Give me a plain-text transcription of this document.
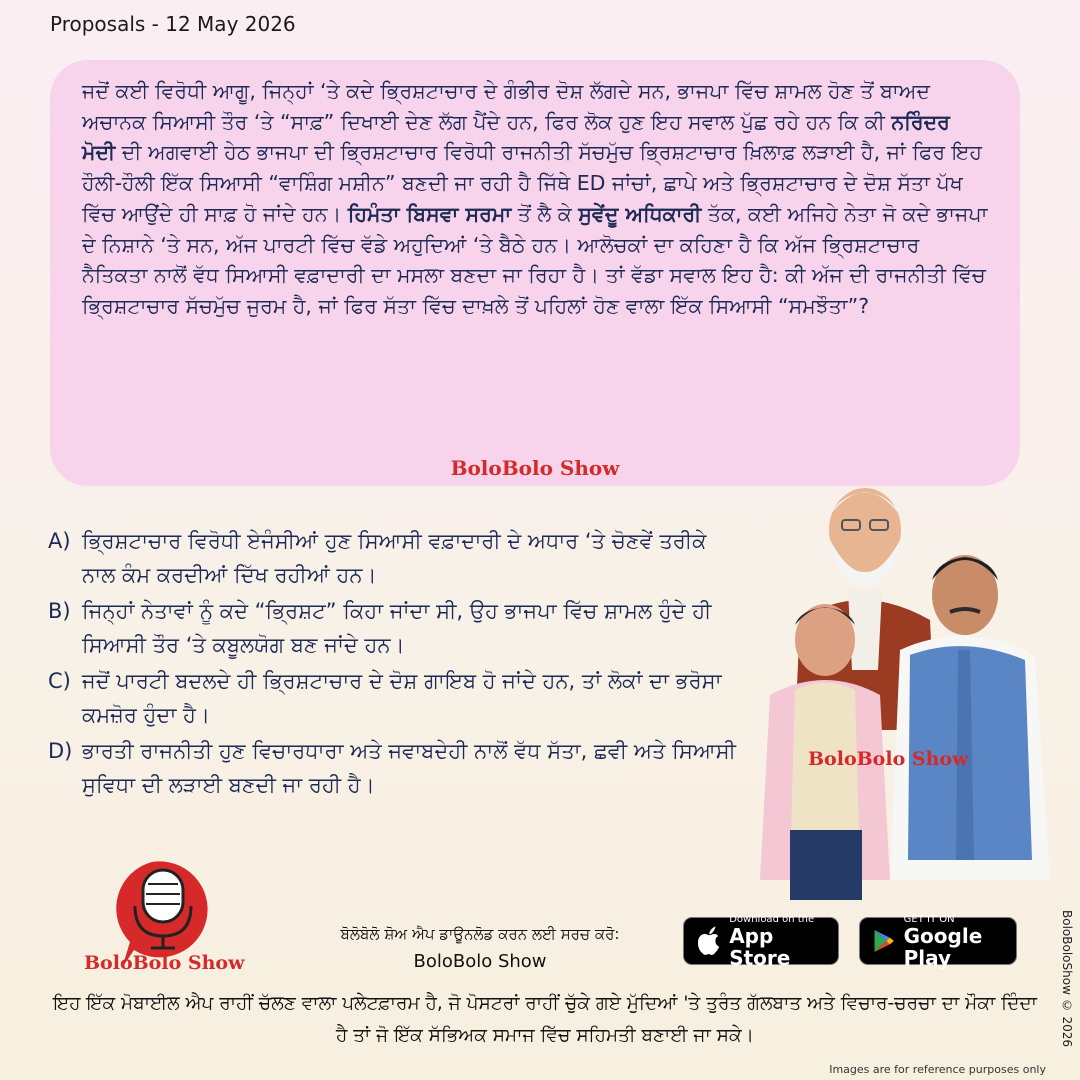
Proposals - 12 May 2026

ਜਦੋਂ ਕਈ ਵਿਰੋਧੀ ਆਗੂ, ਜਿਨ੍ਹਾਂ ‘ਤੇ ਕਦੇ ਭ੍ਰਿਸ਼ਟਾਚਾਰ ਦੇ ਗੰਭੀਰ ਦੋਸ਼ ਲੱਗਦੇ ਸਨ, ਭਾਜਪਾ ਵਿੱਚ ਸ਼ਾਮਲ ਹੋਣ ਤੋਂ ਬਾਅਦ ਅਚਾਨਕ ਸਿਆਸੀ ਤੌਰ ‘ਤੇ “ਸਾਫ਼” ਦਿਖਾਈ ਦੇਣ ਲੱਗ ਪੈਂਦੇ ਹਨ, ਫਿਰ ਲੋਕ ਹੁਣ ਇਹ ਸਵਾਲ ਪੁੱਛ ਰਹੇ ਹਨ ਕਿ ਕੀ ਨਰਿੰਦਰ ਮੋਦੀ ਦੀ ਅਗਵਾਈ ਹੇਠ ਭਾਜਪਾ ਦੀ ਭ੍ਰਿਸ਼ਟਾਚਾਰ ਵਿਰੋਧੀ ਰਾਜਨੀਤੀ ਸੱਚਮੁੱਚ ਭ੍ਰਿਸ਼ਟਾਚਾਰ ਖ਼ਿਲਾਫ਼ ਲੜਾਈ ਹੈ, ਜਾਂ ਫਿਰ ਇਹ ਹੌਲੀ-ਹੌਲੀ ਇੱਕ ਸਿਆਸੀ “ਵਾਸ਼ਿੰਗ ਮਸ਼ੀਨ” ਬਣਦੀ ਜਾ ਰਹੀ ਹੈ ਜਿੱਥੇ ED ਜਾਂਚਾਂ, ਛਾਪੇ ਅਤੇ ਭ੍ਰਿਸ਼ਟਾਚਾਰ ਦੇ ਦੋਸ਼ ਸੱਤਾ ਪੱਖ ਵਿੱਚ ਆਉਂਦੇ ਹੀ ਸਾਫ਼ ਹੋ ਜਾਂਦੇ ਹਨ। ਹਿਮੰਤਾ ਬਿਸਵਾ ਸਰਮਾ ਤੋਂ ਲੈ ਕੇ ਸੁਵੇਂਦੂ ਅਧਿਕਾਰੀ ਤੱਕ, ਕਈ ਅਜਿਹੇ ਨੇਤਾ ਜੋ ਕਦੇ ਭਾਜਪਾ ਦੇ ਨਿਸ਼ਾਨੇ ‘ਤੇ ਸਨ, ਅੱਜ ਪਾਰਟੀ ਵਿੱਚ ਵੱਡੇ ਅਹੁਦਿਆਂ ‘ਤੇ ਬੈਠੇ ਹਨ। ਆਲੋਚਕਾਂ ਦਾ ਕਹਿਣਾ ਹੈ ਕਿ ਅੱਜ ਭ੍ਰਿਸ਼ਟਾਚਾਰ ਨੈਤਿਕਤਾ ਨਾਲੋਂ ਵੱਧ ਸਿਆਸੀ ਵਫ਼ਾਦਾਰੀ ਦਾ ਮਸਲਾ ਬਣਦਾ ਜਾ ਰਿਹਾ ਹੈ। ਤਾਂ ਵੱਡਾ ਸਵਾਲ ਇਹ ਹੈ: ਕੀ ਅੱਜ ਦੀ ਰਾਜਨੀਤੀ ਵਿੱਚ ਭ੍ਰਿਸ਼ਟਾਚਾਰ ਸੱਚਮੁੱਚ ਜੁਰਮ ਹੈ, ਜਾਂ ਫਿਰ ਸੱਤਾ ਵਿੱਚ ਦਾਖ਼ਲੇ ਤੋਂ ਪਹਿਲਾਂ ਹੋਣ ਵਾਲਾ ਇੱਕ ਸਿਆਸੀ “ਸਮਝੌਤਾ”?

BoloBolo Show
A) ਭ੍ਰਿਸ਼ਟਾਚਾਰ ਵਿਰੋਧੀ ਏਜੰਸੀਆਂ ਹੁਣ ਸਿਆਸੀ ਵਫ਼ਾਦਾਰੀ ਦੇ ਅਧਾਰ ‘ਤੇ ਚੋਣਵੇਂ ਤਰੀਕੇ ਨਾਲ ਕੰਮ ਕਰਦੀਆਂ ਦਿੱਖ ਰਹੀਆਂ ਹਨ।
B) ਜਿਨ੍ਹਾਂ ਨੇਤਾਵਾਂ ਨੂੰ ਕਦੇ “ਭ੍ਰਿਸ਼ਟ” ਕਿਹਾ ਜਾਂਦਾ ਸੀ, ਉਹ ਭਾਜਪਾ ਵਿੱਚ ਸ਼ਾਮਲ ਹੁੰਦੇ ਹੀ ਸਿਆਸੀ ਤੌਰ ‘ਤੇ ਕਬੂਲਯੋਗ ਬਣ ਜਾਂਦੇ ਹਨ।
C) ਜਦੋਂ ਪਾਰਟੀ ਬਦਲਦੇ ਹੀ ਭ੍ਰਿਸ਼ਟਾਚਾਰ ਦੇ ਦੋਸ਼ ਗਾਇਬ ਹੋ ਜਾਂਦੇ ਹਨ, ਤਾਂ ਲੋਕਾਂ ਦਾ ਭਰੋਸਾ ਕਮਜ਼ੋਰ ਹੁੰਦਾ ਹੈ।
D) ਭਾਰਤੀ ਰਾਜਨੀਤੀ ਹੁਣ ਵਿਚਾਰਧਾਰਾ ਅਤੇ ਜਵਾਬਦੇਹੀ ਨਾਲੋਂ ਵੱਧ ਸੱਤਾ, ਛਵੀ ਅਤੇ ਸਿਆਸੀ ਸੁਵਿਧਾ ਦੀ ਲੜਾਈ ਬਣਦੀ ਜਾ ਰਹੀ ਹੈ।
BoloBolo Show
BoloBolo Show
ਬੋਲੋਬੋਲੋ ਸ਼ੋਅ ਐਪ ਡਾਊਨਲੋਡ ਕਰਨ ਲਈ ਸਰਚ ਕਰੋ:
BoloBolo Show
Download on the
App Store
GET IT ON
Google Play
ਇਹ ਇੱਕ ਮੋਬਾਈਲ ਐਪ ਰਾਹੀਂ ਚੱਲਣ ਵਾਲਾ ਪਲੇਟਫ਼ਾਰਮ ਹੈ, ਜੋ ਪੋਸਟਰਾਂ ਰਾਹੀਂ ਚੁੱਕੇ ਗਏ ਮੁੱਦਿਆਂ 'ਤੇ ਤੁਰੰਤ ਗੱਲਬਾਤ ਅਤੇ ਵਿਚਾਰ-ਚਰਚਾ ਦਾ ਮੌਕਾ ਦਿੰਦਾ ਹੈ ਤਾਂ ਜੋ ਇੱਕ ਸੱਭਿਅਕ ਸਮਾਜ ਵਿੱਚ ਸਹਿਮਤੀ ਬਣਾਈ ਜਾ ਸਕੇ।	BoloBoloShow © 2026
Images are for reference purposes only
